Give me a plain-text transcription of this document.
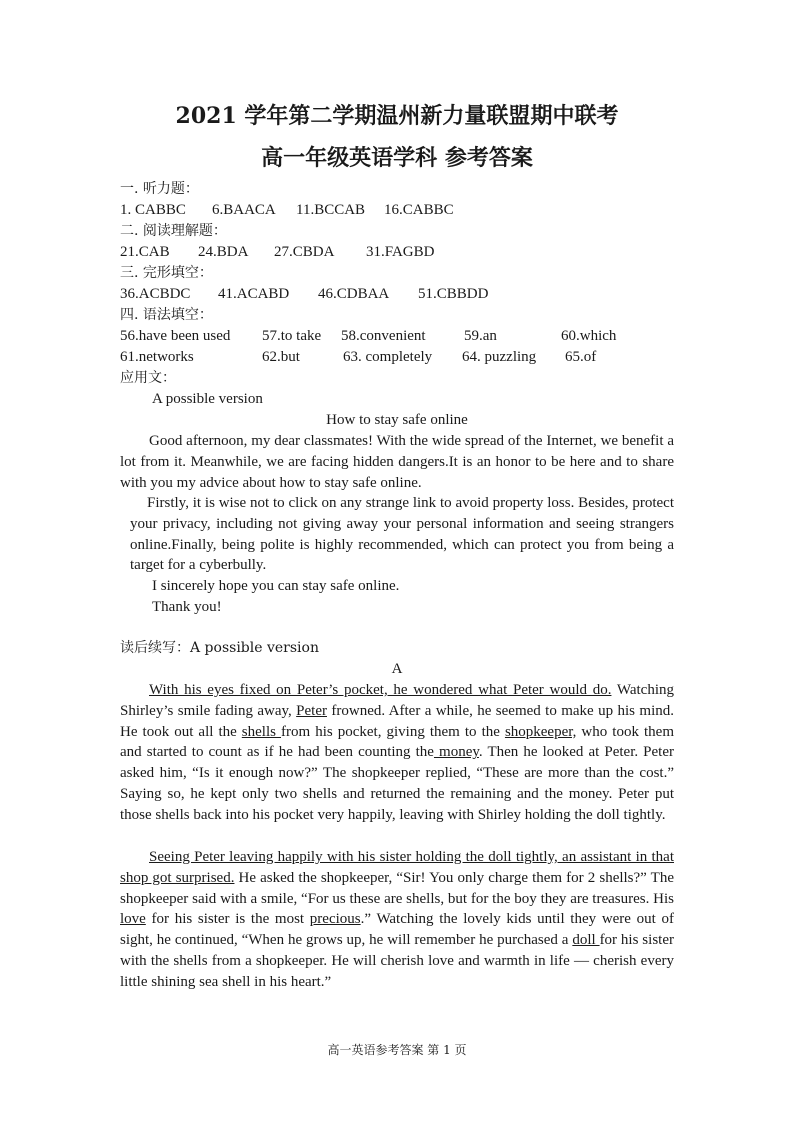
2021 学年第二学期温州新力量联盟期中联考
高一年级英语学科 参考答案
一. 听力题：
1. CABBC 6.BAACA 11.BCCAB 16.CABBC
二. 阅读理解题：
21.CAB 24.BDA 27.CBDA 31.FAGBD
三. 完形填空：
36.ACBDC 41.ACABD 46.CDBAA 51.CBBDD
四. 语法填空：
56.have been used 57.to take 58.convenient	59.an	60.which
61.networks	62.but	63. completely 64. puzzling 65.of
应用文：
A possible version
How to stay safe online

Good afternoon, my dear classmates! With the wide spread of the Internet, we benefit a lot from it. Meanwhile, we are facing hidden dangers.It is an honor to be here and to share with you my advice about how to stay safe online.

Firstly, it is wise not to click on any strange link to avoid property loss. Besides, protect your privacy, including not giving away your personal information and seeing strangers online.Finally, being polite is highly recommended, which can protect you from being a target for a cyberbully.

I sincerely hope you can stay safe online.
Thank you!
读后续写：A possible version
A

With his eyes fixed on Peter’s pocket, he wondered what Peter would do. Watching Shirley’s smile fading away, Peter frowned. After a while, he seemed to make up his mind. He took out all the shells from his pocket, giving them to the shopkeeper, who took them and started to count as if he had been counting the money. Then he looked at Peter. Peter asked him, “Is it enough now?” The shopkeeper replied, “These are more than the cost.” Saying so, he kept only two shells and returned the remaining and the money. Peter put those shells back into his pocket very happily, leaving with Shirley holding the doll tightly.

Seeing Peter leaving happily with his sister holding the doll tightly, an assistant in that shop got surprised. He asked the shopkeeper, “Sir! You only charge them for 2 shells?” The shopkeeper said with a smile, “For us these are shells, but for the boy they are treasures. His love for his sister is the most precious.” Watching the lovely kids until they were out of sight, he continued, “When he grows up, he will remember he purchased a doll for his sister with the shells from a shopkeeper. He will cherish love and warmth in life — cherish every little shining sea shell in his heart.”

高一英语参考答案 第 1 页
